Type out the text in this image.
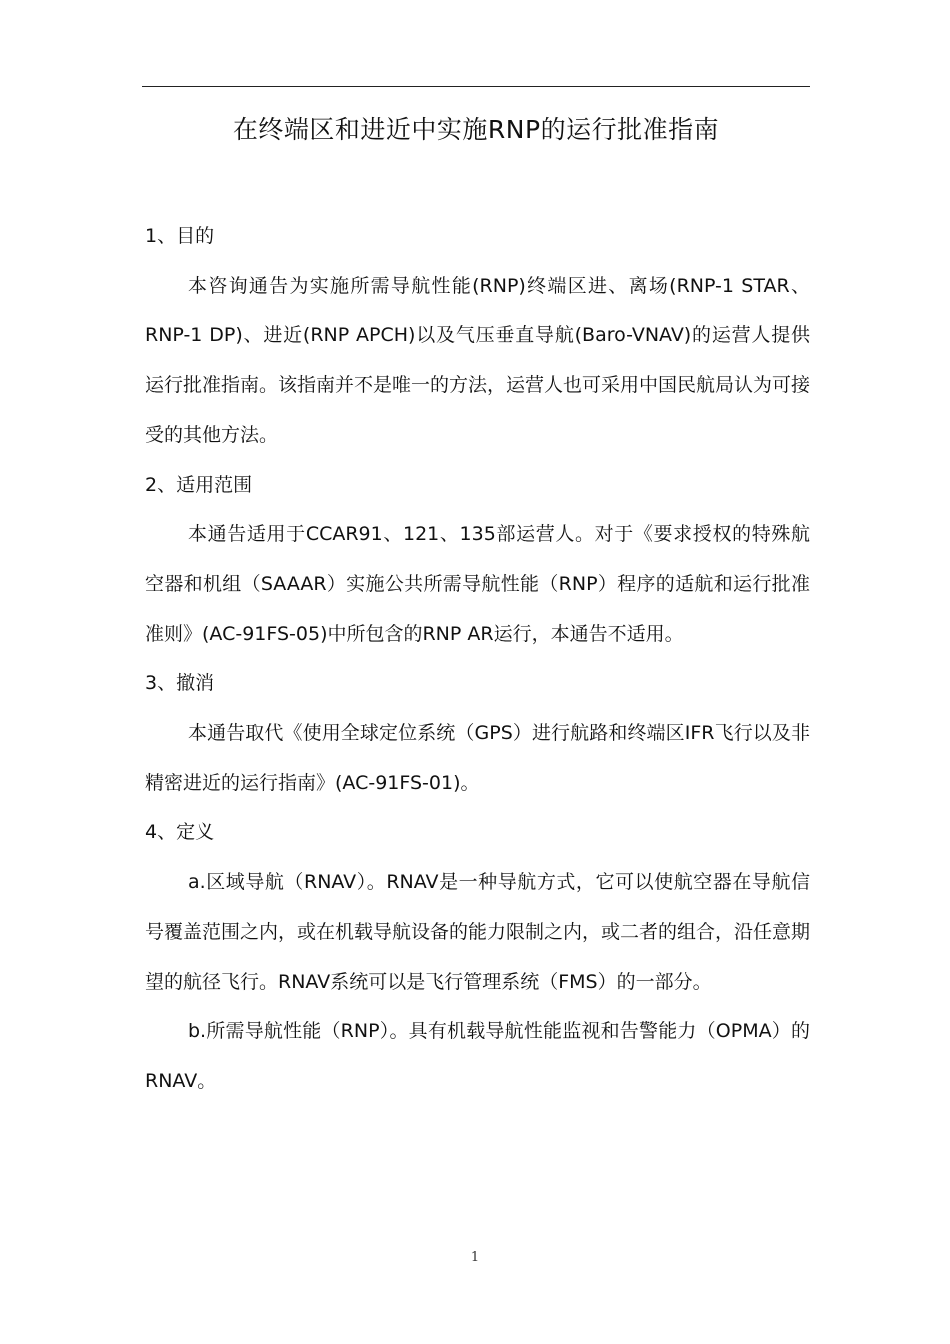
在终端区和进近中实施RNP的运行批准指南

1、目的

本咨询通告为实施所需导航性能(RNP)终端区进、离场(RNP-1 STAR、RNP-1 DP)、进近(RNP APCH)以及气压垂直导航(Baro-VNAV)的运营人提供运行批准指南。该指南并不是唯一的方法，运营人也可采用中国民航局认为可接受的其他方法。

2、适用范围

本通告适用于CCAR91、121、135部运营人。对于《要求授权的特殊航空器和机组（SAAAR）实施公共所需导航性能（RNP）程序的适航和运行批准准则》(AC-91FS-05)中所包含的RNP AR运行，本通告不适用。

3、撤消

本通告取代《使用全球定位系统（GPS）进行航路和终端区IFR飞行以及非精密进近的运行指南》(AC-91FS-01)。

4、定义

a.区域导航（RNAV）。RNAV是一种导航方式，它可以使航空器在导航信号覆盖范围之内，或在机载导航设备的能力限制之内，或二者的组合，沿任意期望的航径飞行。RNAV系统可以是飞行管理系统（FMS）的一部分。

b.所需导航性能（RNP）。具有机载导航性能监视和告警能力（OPMA）的RNAV。

1
